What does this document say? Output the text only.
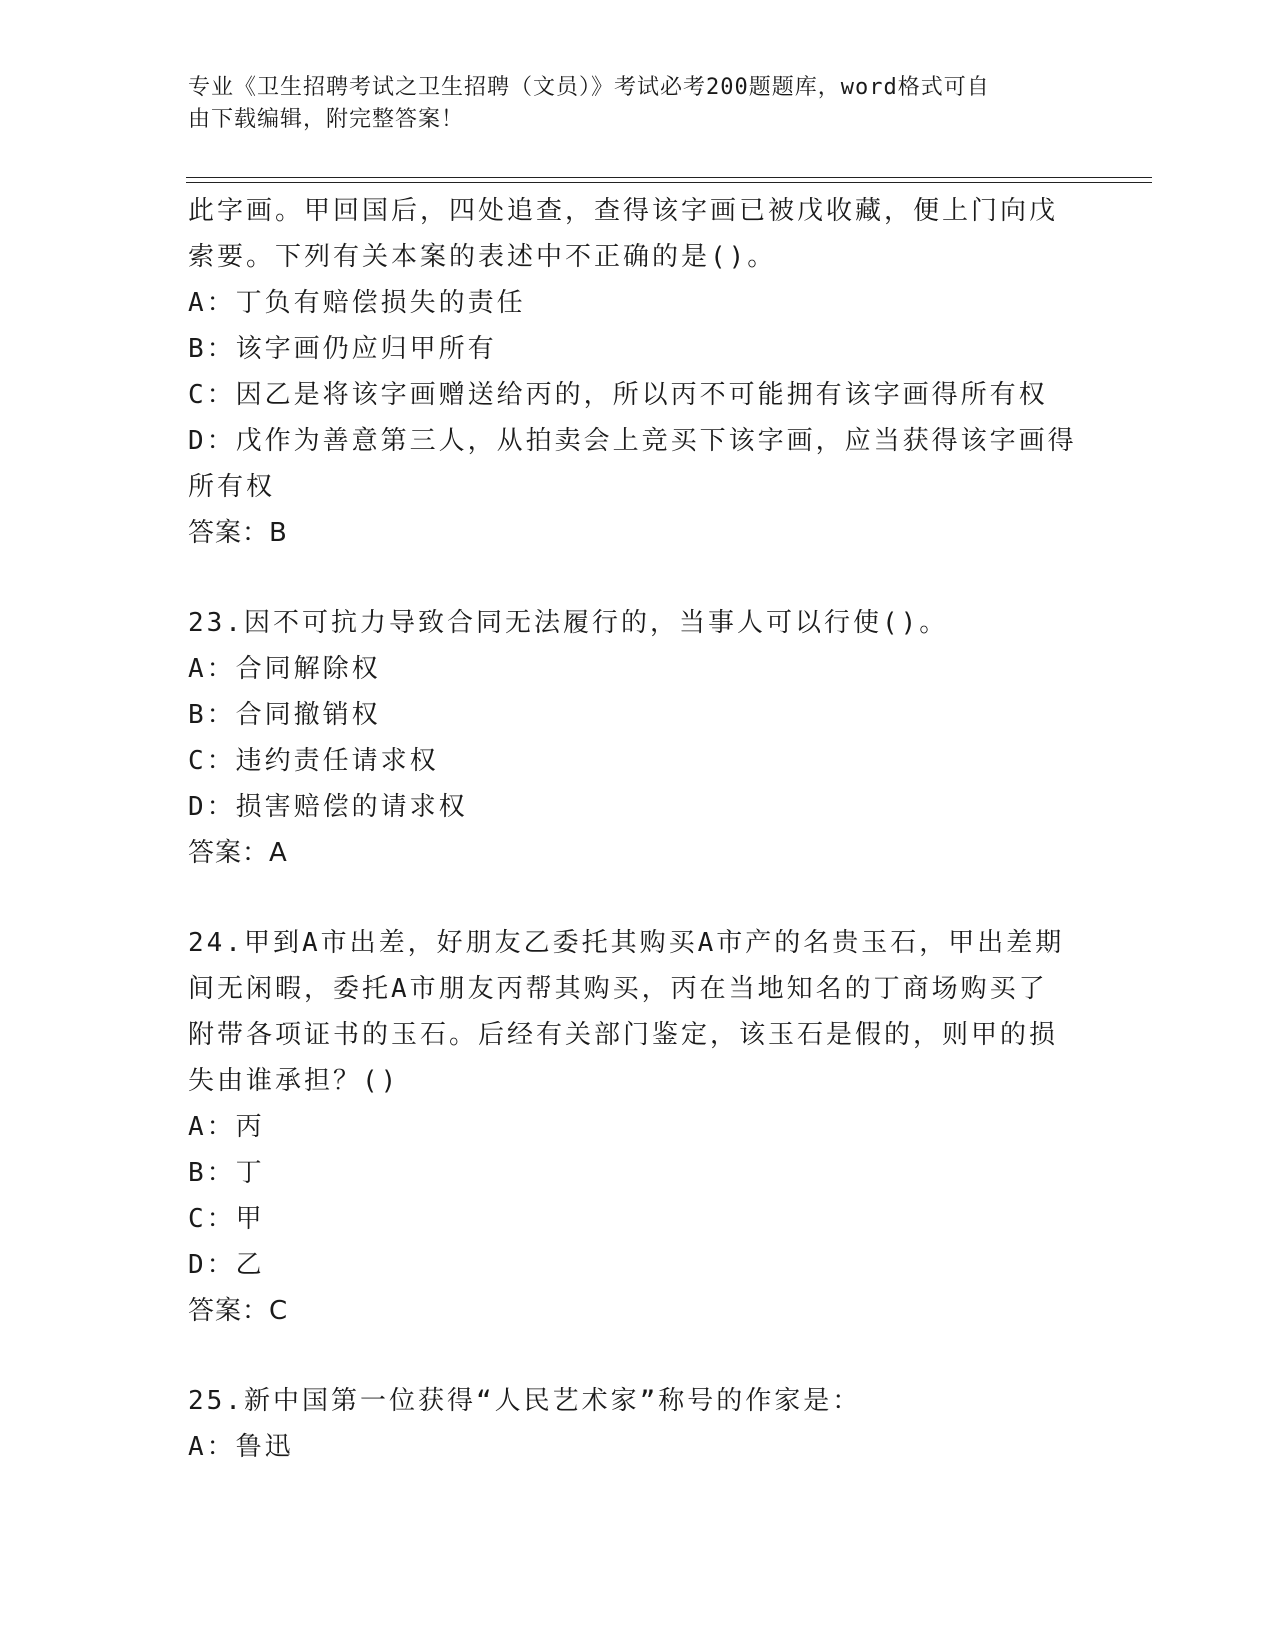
专业《卫生招聘考试之卫生招聘（文员）》考试必考200题题库，word格式可自
由下载编辑，附完整答案！
此字画。甲回国后，四处追查，查得该字画已被戊收藏，便上门向戊
索要。下列有关本案的表述中不正确的是()。
A：丁负有赔偿损失的责任
B：该字画仍应归甲所有
C：因乙是将该字画赠送给丙的，所以丙不可能拥有该字画得所有权
D：戊作为善意第三人，从拍卖会上竞买下该字画，应当获得该字画得
所有权
答案：B
23.因不可抗力导致合同无法履行的，当事人可以行使()。
A：合同解除权
B：合同撤销权
C：违约责任请求权
D：损害赔偿的请求权
答案：A
24.甲到A市出差，好朋友乙委托其购买A市产的名贵玉石，甲出差期
间无闲暇，委托A市朋友丙帮其购买，丙在当地知名的丁商场购买了
附带各项证书的玉石。后经有关部门鉴定，该玉石是假的，则甲的损
失由谁承担？()
A：丙
B：丁
C：甲
D：乙
答案：C
25.新中国第一位获得“人民艺术家”称号的作家是：
A：鲁迅
